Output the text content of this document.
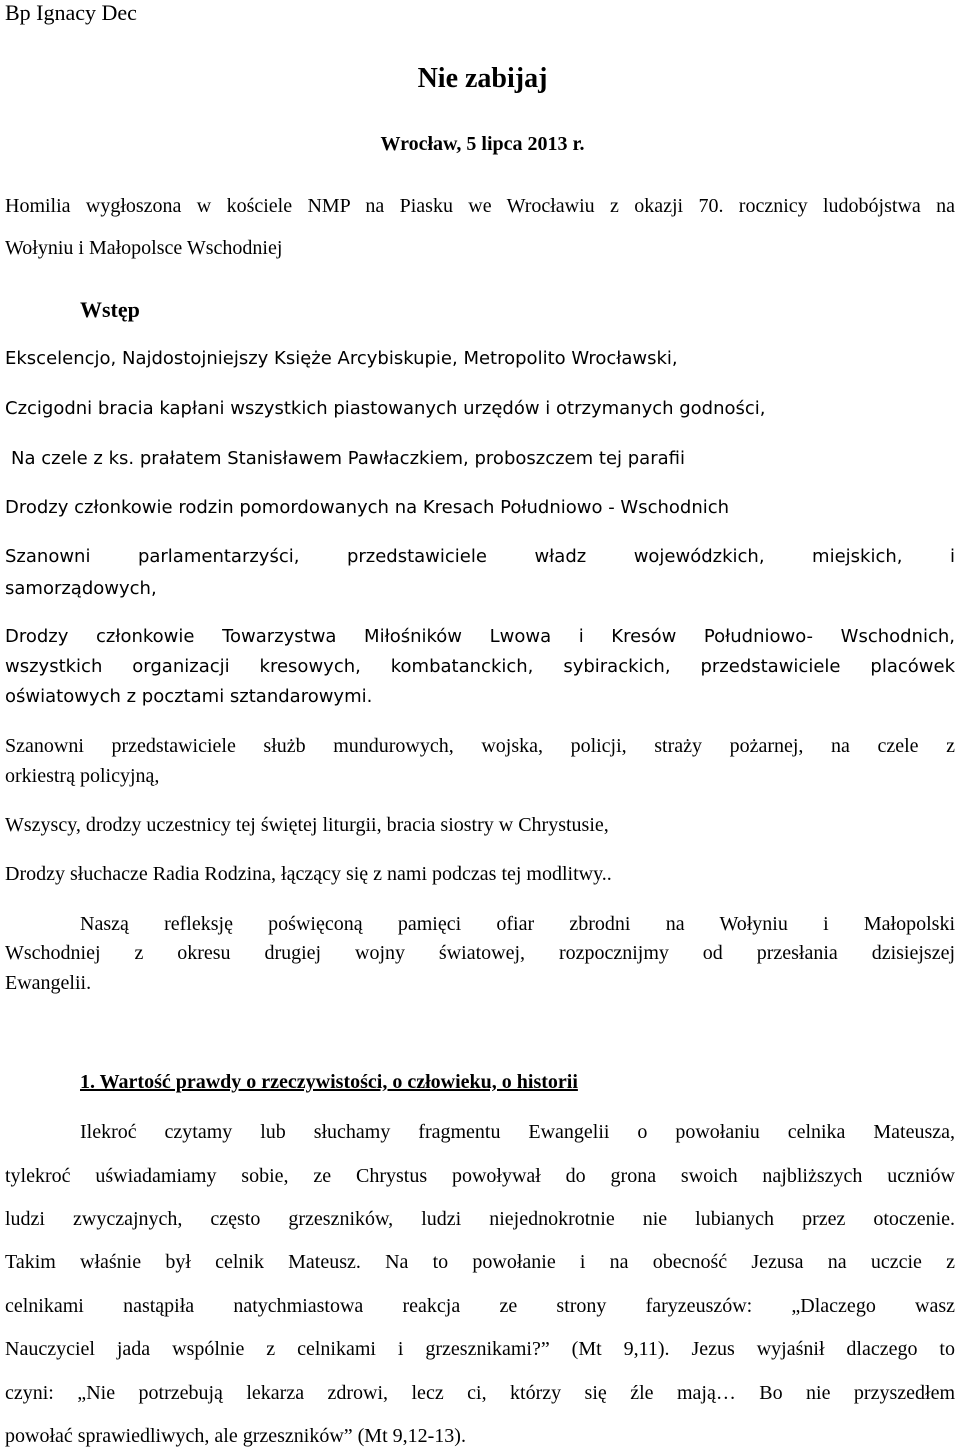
Bp Ignacy Dec
Nie zabijaj
Wrocław, 5 lipca 2013 r.
Homilia wygłoszona w kościele NMP na Piasku we Wrocławiu z okazji 70. rocznicy ludobójstwa na
Wołyniu i Małopolsce Wschodniej
Wstęp
Ekscelencjo, Najdostojniejszy Księże Arcybiskupie, Metropolito Wrocławski,
Czcigodni bracia kapłani wszystkich piastowanych urzędów i otrzymanych godności,
Na czele z ks. prałatem Stanisławem Pawłaczkiem, proboszczem tej parafii
Drodzy członkowie rodzin pomordowanych na Kresach Południowo - Wschodnich
Szanowni parlamentarzyści, przedstawiciele władz wojewódzkich, miejskich, i
samorządowych,
Drodzy członkowie Towarzystwa Miłośników Lwowa i Kresów Południowo- Wschodnich,
wszystkich organizacji kresowych, kombatanckich, sybirackich, przedstawiciele placówek
oświatowych z pocztami sztandarowymi.
Szanowni przedstawiciele służb mundurowych, wojska, policji, straży pożarnej, na czele z
orkiestrą policyjną,
Wszyscy, drodzy uczestnicy tej świętej liturgii, bracia siostry w Chrystusie,
Drodzy słuchacze Radia Rodzina, łączący się z nami podczas tej modlitwy..
Naszą refleksję poświęconą pamięci ofiar zbrodni na Wołyniu i Małopolski
Wschodniej z okresu drugiej wojny światowej, rozpocznijmy od przesłania dzisiejszej
Ewangelii.
1. Wartość prawdy o rzeczywistości, o człowieku, o historii
Ilekroć czytamy lub słuchamy fragmentu Ewangelii o powołaniu celnika Mateusza,
tylekroć uświadamiamy sobie, ze Chrystus powoływał do grona swoich najbliższych uczniów
ludzi zwyczajnych, często grzeszników, ludzi niejednokrotnie nie lubianych przez otoczenie.
Takim właśnie był celnik Mateusz. Na to powołanie i na obecność Jezusa na uczcie z
celnikami nastąpiła natychmiastowa reakcja ze strony faryzeuszów: „Dlaczego wasz
Nauczyciel jada wspólnie z celnikami i grzesznikami?” (Mt 9,11). Jezus wyjaśnił dlaczego to
czyni: „Nie potrzebują lekarza zdrowi, lecz ci, którzy się źle mają… Bo nie przyszedłem
powołać sprawiedliwych, ale grzeszników” (Mt 9,12-13).
